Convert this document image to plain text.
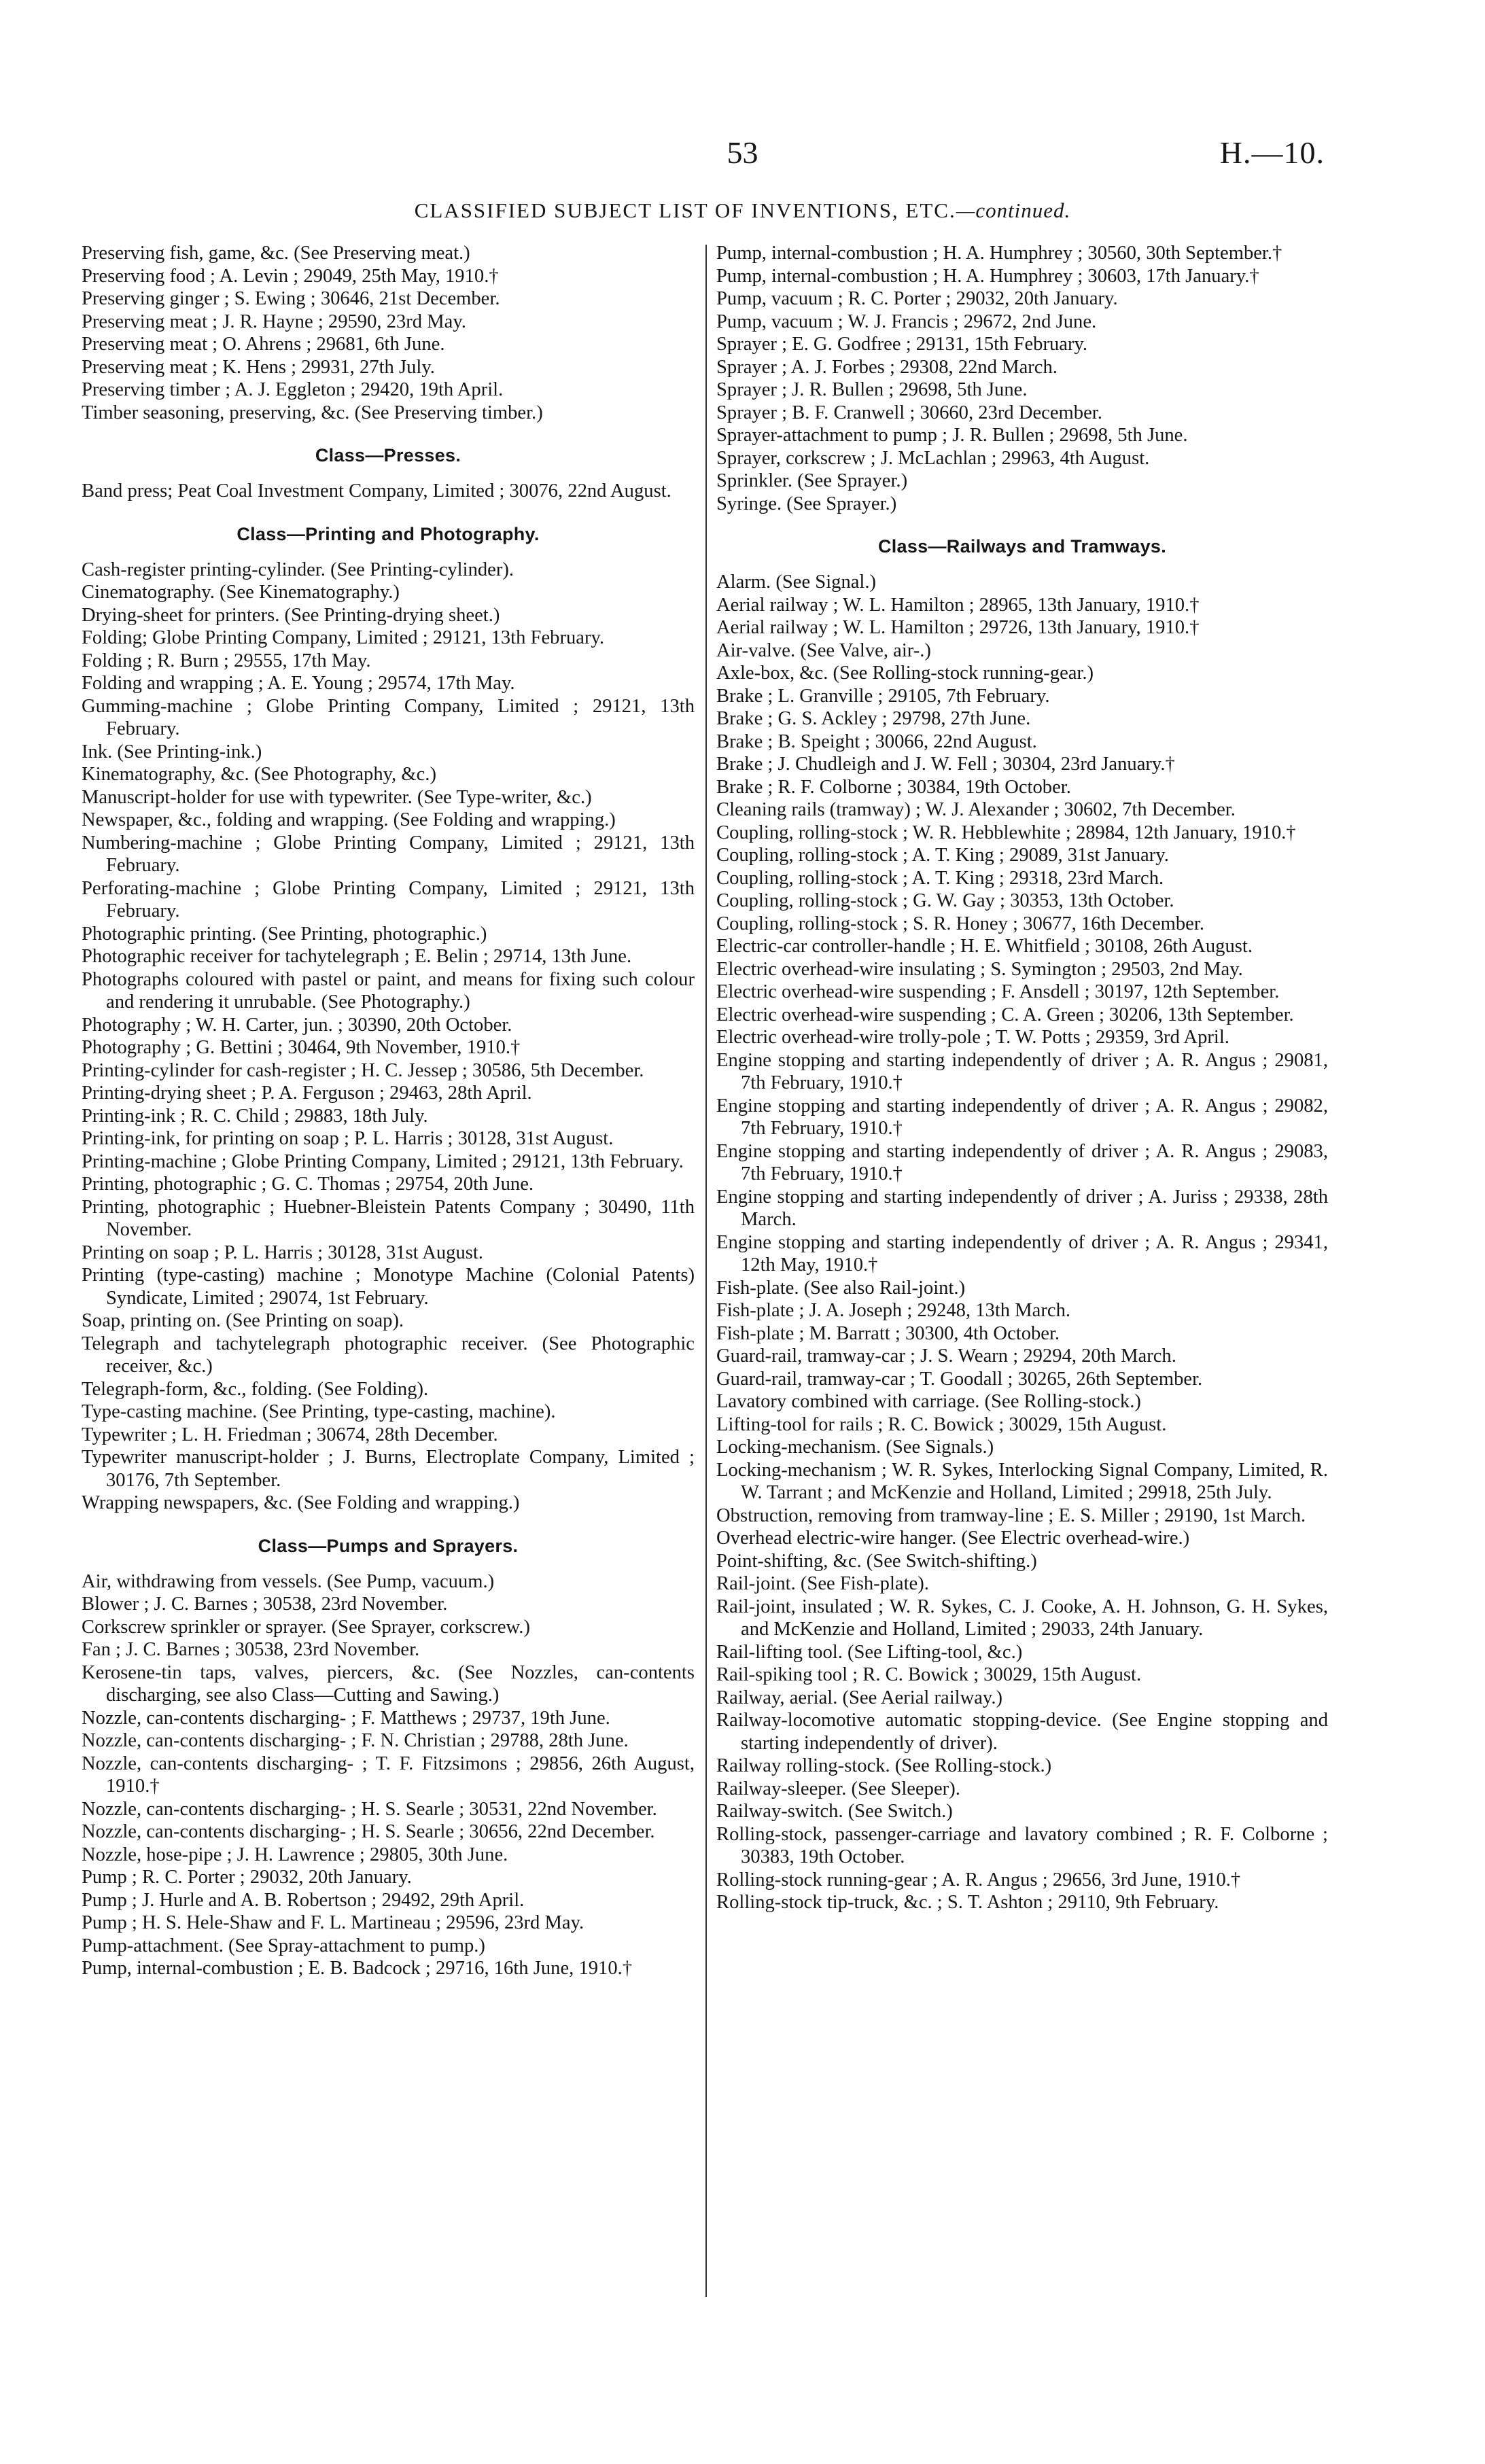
53	H.—10.
CLASSIFIED SUBJECT LIST OF INVENTIONS, ETC.—continued.
Preserving fish, game, &c. (See Preserving meat.)
Preserving food ; A. Levin ; 29049, 25th May, 1910.†
Preserving ginger ; S. Ewing ; 30646, 21st December.
Preserving meat ; J. R. Hayne ; 29590, 23rd May.
Preserving meat ; O. Ahrens ; 29681, 6th June.
Preserving meat ; K. Hens ; 29931, 27th July.
Preserving timber ; A. J. Eggleton ; 29420, 19th April.
Timber seasoning, preserving, &c. (See Preserving timber.)
Class—Presses.
Band press; Peat Coal Investment Company, Limited ; 30076, 22nd August.
Class—Printing and Photography.
Cash-register printing-cylinder. (See Printing-cylinder).
Cinematography. (See Kinematography.)
Drying-sheet for printers. (See Printing-drying sheet.)
Folding; Globe Printing Company, Limited ; 29121, 13th February.
Folding ; R. Burn ; 29555, 17th May.
Folding and wrapping ; A. E. Young ; 29574, 17th May.
Gumming-machine ; Globe Printing Company, Limited ; 29121, 13th February.
Ink. (See Printing-ink.)
Kinematography, &c. (See Photography, &c.)
Manuscript-holder for use with typewriter. (See Type-writer, &c.)
Newspaper, &c., folding and wrapping. (See Folding and wrapping.)
Numbering-machine ; Globe Printing Company, Limited ; 29121, 13th February.
Perforating-machine ; Globe Printing Company, Limited ; 29121, 13th February.
Photographic printing. (See Printing, photographic.)
Photographic receiver for tachytelegraph ; E. Belin ; 29714, 13th June.
Photographs coloured with pastel or paint, and means for fixing such colour and rendering it unrubable. (See Photography.)
Photography ; W. H. Carter, jun. ; 30390, 20th October.
Photography ; G. Bettini ; 30464, 9th November, 1910.†
Printing-cylinder for cash-register ; H. C. Jessep ; 30586, 5th December.
Printing-drying sheet ; P. A. Ferguson ; 29463, 28th April.
Printing-ink ; R. C. Child ; 29883, 18th July.
Printing-ink, for printing on soap ; P. L. Harris ; 30128, 31st August.
Printing-machine ; Globe Printing Company, Limited ; 29121, 13th February.
Printing, photographic ; G. C. Thomas ; 29754, 20th June.
Printing, photographic ; Huebner-Bleistein Patents Company ; 30490, 11th November.
Printing on soap ; P. L. Harris ; 30128, 31st August.
Printing (type-casting) machine ; Monotype Machine (Colonial Patents) Syndicate, Limited ; 29074, 1st February.
Soap, printing on. (See Printing on soap).
Telegraph and tachytelegraph photographic receiver. (See Photographic receiver, &c.)
Telegraph-form, &c., folding. (See Folding).
Type-casting machine. (See Printing, type-casting, machine).
Typewriter ; L. H. Friedman ; 30674, 28th December.
Typewriter manuscript-holder ; J. Burns, Electroplate Company, Limited ; 30176, 7th September.
Wrapping newspapers, &c. (See Folding and wrapping.)
Class—Pumps and Sprayers.
Air, withdrawing from vessels. (See Pump, vacuum.)
Blower ; J. C. Barnes ; 30538, 23rd November.
Corkscrew sprinkler or sprayer. (See Sprayer, corkscrew.)
Fan ; J. C. Barnes ; 30538, 23rd November.
Kerosene-tin taps, valves, piercers, &c. (See Nozzles, can-contents discharging, see also Class—Cutting and Sawing.)
Nozzle, can-contents discharging- ; F. Matthews ; 29737, 19th June.
Nozzle, can-contents discharging- ; F. N. Christian ; 29788, 28th June.
Nozzle, can-contents discharging- ; T. F. Fitzsimons ; 29856, 26th August, 1910.†
Nozzle, can-contents discharging- ; H. S. Searle ; 30531, 22nd November.
Nozzle, can-contents discharging- ; H. S. Searle ; 30656, 22nd December.
Nozzle, hose-pipe ; J. H. Lawrence ; 29805, 30th June.
Pump ; R. C. Porter ; 29032, 20th January.
Pump ; J. Hurle and A. B. Robertson ; 29492, 29th April.
Pump ; H. S. Hele-Shaw and F. L. Martineau ; 29596, 23rd May.
Pump-attachment. (See Spray-attachment to pump.)
Pump, internal-combustion ; E. B. Badcock ; 29716, 16th June, 1910.†
Pump, internal-combustion ; H. A. Humphrey ; 30560, 30th September.†
Pump, internal-combustion ; H. A. Humphrey ; 30603, 17th January.†
Pump, vacuum ; R. C. Porter ; 29032, 20th January.
Pump, vacuum ; W. J. Francis ; 29672, 2nd June.
Sprayer ; E. G. Godfree ; 29131, 15th February.
Sprayer ; A. J. Forbes ; 29308, 22nd March.
Sprayer ; J. R. Bullen ; 29698, 5th June.
Sprayer ; B. F. Cranwell ; 30660, 23rd December.
Sprayer-attachment to pump ; J. R. Bullen ; 29698, 5th June.
Sprayer, corkscrew ; J. McLachlan ; 29963, 4th August.
Sprinkler. (See Sprayer.)
Syringe. (See Sprayer.)
Class—Railways and Tramways.
Alarm. (See Signal.)
Aerial railway ; W. L. Hamilton ; 28965, 13th January, 1910.†
Aerial railway ; W. L. Hamilton ; 29726, 13th January, 1910.†
Air-valve. (See Valve, air-.)
Axle-box, &c. (See Rolling-stock running-gear.)
Brake ; L. Granville ; 29105, 7th February.
Brake ; G. S. Ackley ; 29798, 27th June.
Brake ; B. Speight ; 30066, 22nd August.
Brake ; J. Chudleigh and J. W. Fell ; 30304, 23rd January.†
Brake ; R. F. Colborne ; 30384, 19th October.
Cleaning rails (tramway) ; W. J. Alexander ; 30602, 7th December.
Coupling, rolling-stock ; W. R. Hebblewhite ; 28984, 12th January, 1910.†
Coupling, rolling-stock ; A. T. King ; 29089, 31st January.
Coupling, rolling-stock ; A. T. King ; 29318, 23rd March.
Coupling, rolling-stock ; G. W. Gay ; 30353, 13th October.
Coupling, rolling-stock ; S. R. Honey ; 30677, 16th December.
Electric-car controller-handle ; H. E. Whitfield ; 30108, 26th August.
Electric overhead-wire insulating ; S. Symington ; 29503, 2nd May.
Electric overhead-wire suspending ; F. Ansdell ; 30197, 12th September.
Electric overhead-wire suspending ; C. A. Green ; 30206, 13th September.
Electric overhead-wire trolly-pole ; T. W. Potts ; 29359, 3rd April.
Engine stopping and starting independently of driver ; A. R. Angus ; 29081, 7th February, 1910.†
Engine stopping and starting independently of driver ; A. R. Angus ; 29082, 7th February, 1910.†
Engine stopping and starting independently of driver ; A. R. Angus ; 29083, 7th February, 1910.†
Engine stopping and starting independently of driver ; A. Juriss ; 29338, 28th March.
Engine stopping and starting independently of driver ; A. R. Angus ; 29341, 12th May, 1910.†
Fish-plate. (See also Rail-joint.)
Fish-plate ; J. A. Joseph ; 29248, 13th March.
Fish-plate ; M. Barratt ; 30300, 4th October.
Guard-rail, tramway-car ; J. S. Wearn ; 29294, 20th March.
Guard-rail, tramway-car ; T. Goodall ; 30265, 26th September.
Lavatory combined with carriage. (See Rolling-stock.)
Lifting-tool for rails ; R. C. Bowick ; 30029, 15th August.
Locking-mechanism. (See Signals.)
Locking-mechanism ; W. R. Sykes, Interlocking Signal Company, Limited, R. W. Tarrant ; and McKenzie and Holland, Limited ; 29918, 25th July.
Obstruction, removing from tramway-line ; E. S. Miller ; 29190, 1st March.
Overhead electric-wire hanger. (See Electric overhead-wire.)
Point-shifting, &c. (See Switch-shifting.)
Rail-joint. (See Fish-plate).
Rail-joint, insulated ; W. R. Sykes, C. J. Cooke, A. H. Johnson, G. H. Sykes, and McKenzie and Holland, Limited ; 29033, 24th January.
Rail-lifting tool. (See Lifting-tool, &c.)
Rail-spiking tool ; R. C. Bowick ; 30029, 15th August.
Railway, aerial. (See Aerial railway.)
Railway-locomotive automatic stopping-device. (See Engine stopping and starting independently of driver).
Railway rolling-stock. (See Rolling-stock.)
Railway-sleeper. (See Sleeper).
Railway-switch. (See Switch.)
Rolling-stock, passenger-carriage and lavatory combined ; R. F. Colborne ; 30383, 19th October.
Rolling-stock running-gear ; A. R. Angus ; 29656, 3rd June, 1910.†
Rolling-stock tip-truck, &c. ; S. T. Ashton ; 29110, 9th February.
